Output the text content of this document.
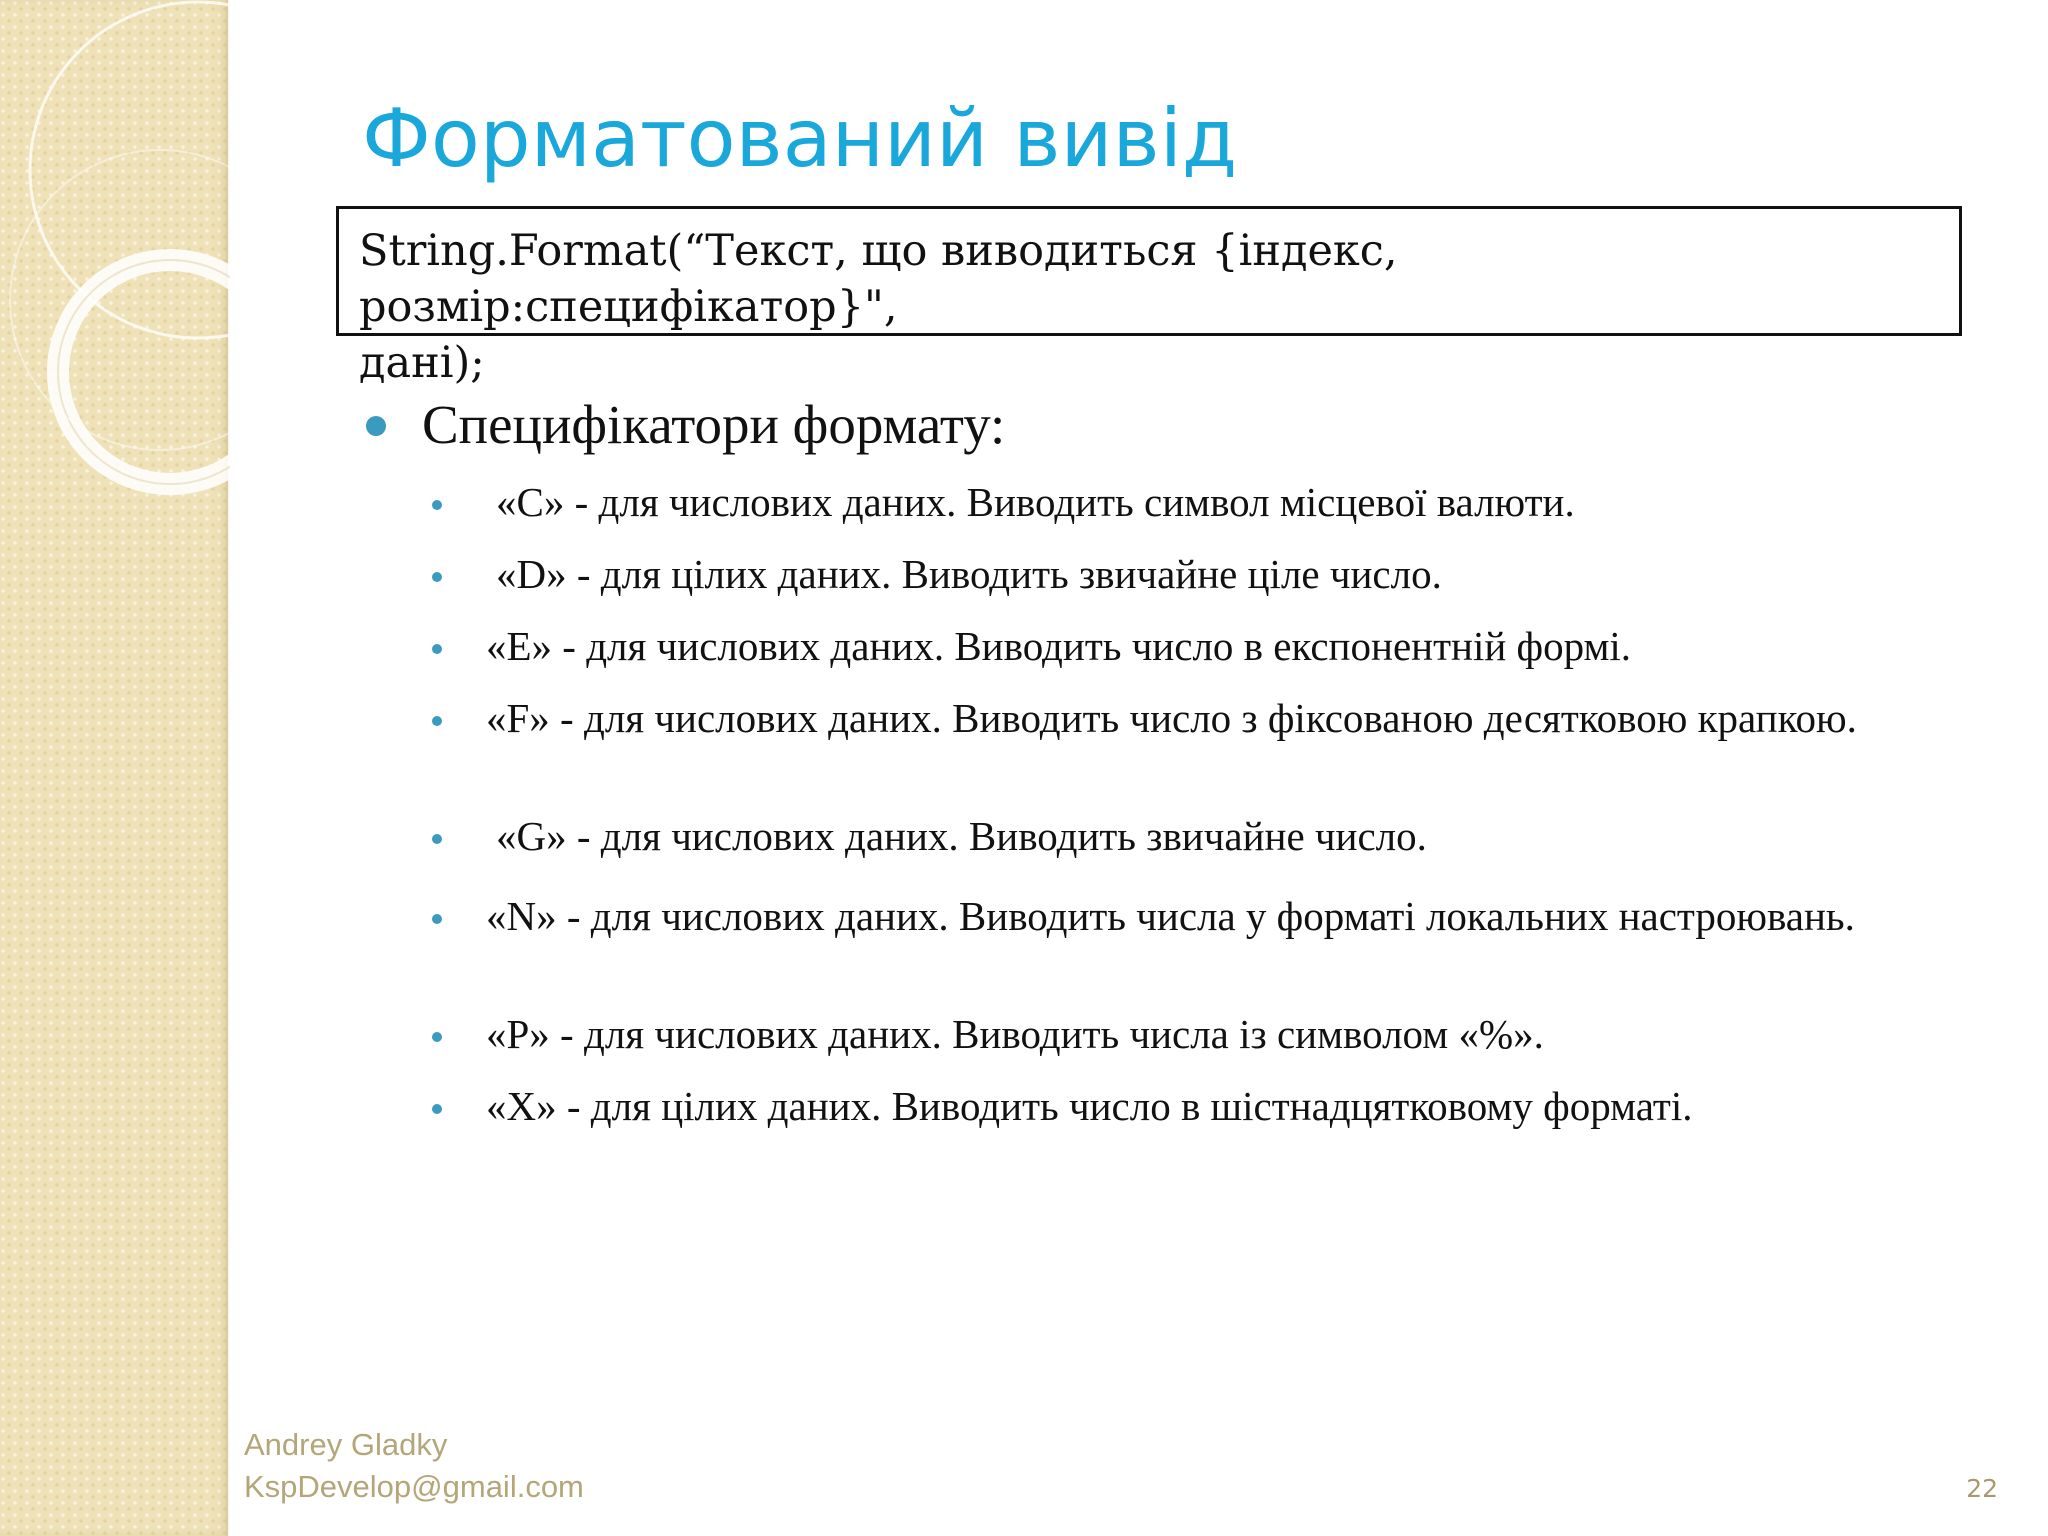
Форматований вивід
String.Format(“Текст, що виводиться {індекс, розмір:специфікатор}",
дані);
Специфікатори формату:
«C» - для числових даних. Виводить символ місцевої валюти.
«D» - для цілих даних. Виводить звичайне ціле число.
«E» - для числових даних. Виводить число в експонентній формі.
«F» - для числових даних. Виводить число з фіксованою десятковою крапкою.
«G» - для числових даних. Виводить звичайне число.
«N» - для числових даних. Виводить числа у форматі локальних настроювань.
«P» - для числових даних. Виводить числа із символом «%».
«X» - для цілих даних. Виводить число в шістнадцятковому форматі.
Andrey Gladky
KspDevelop@gmail.com	22
